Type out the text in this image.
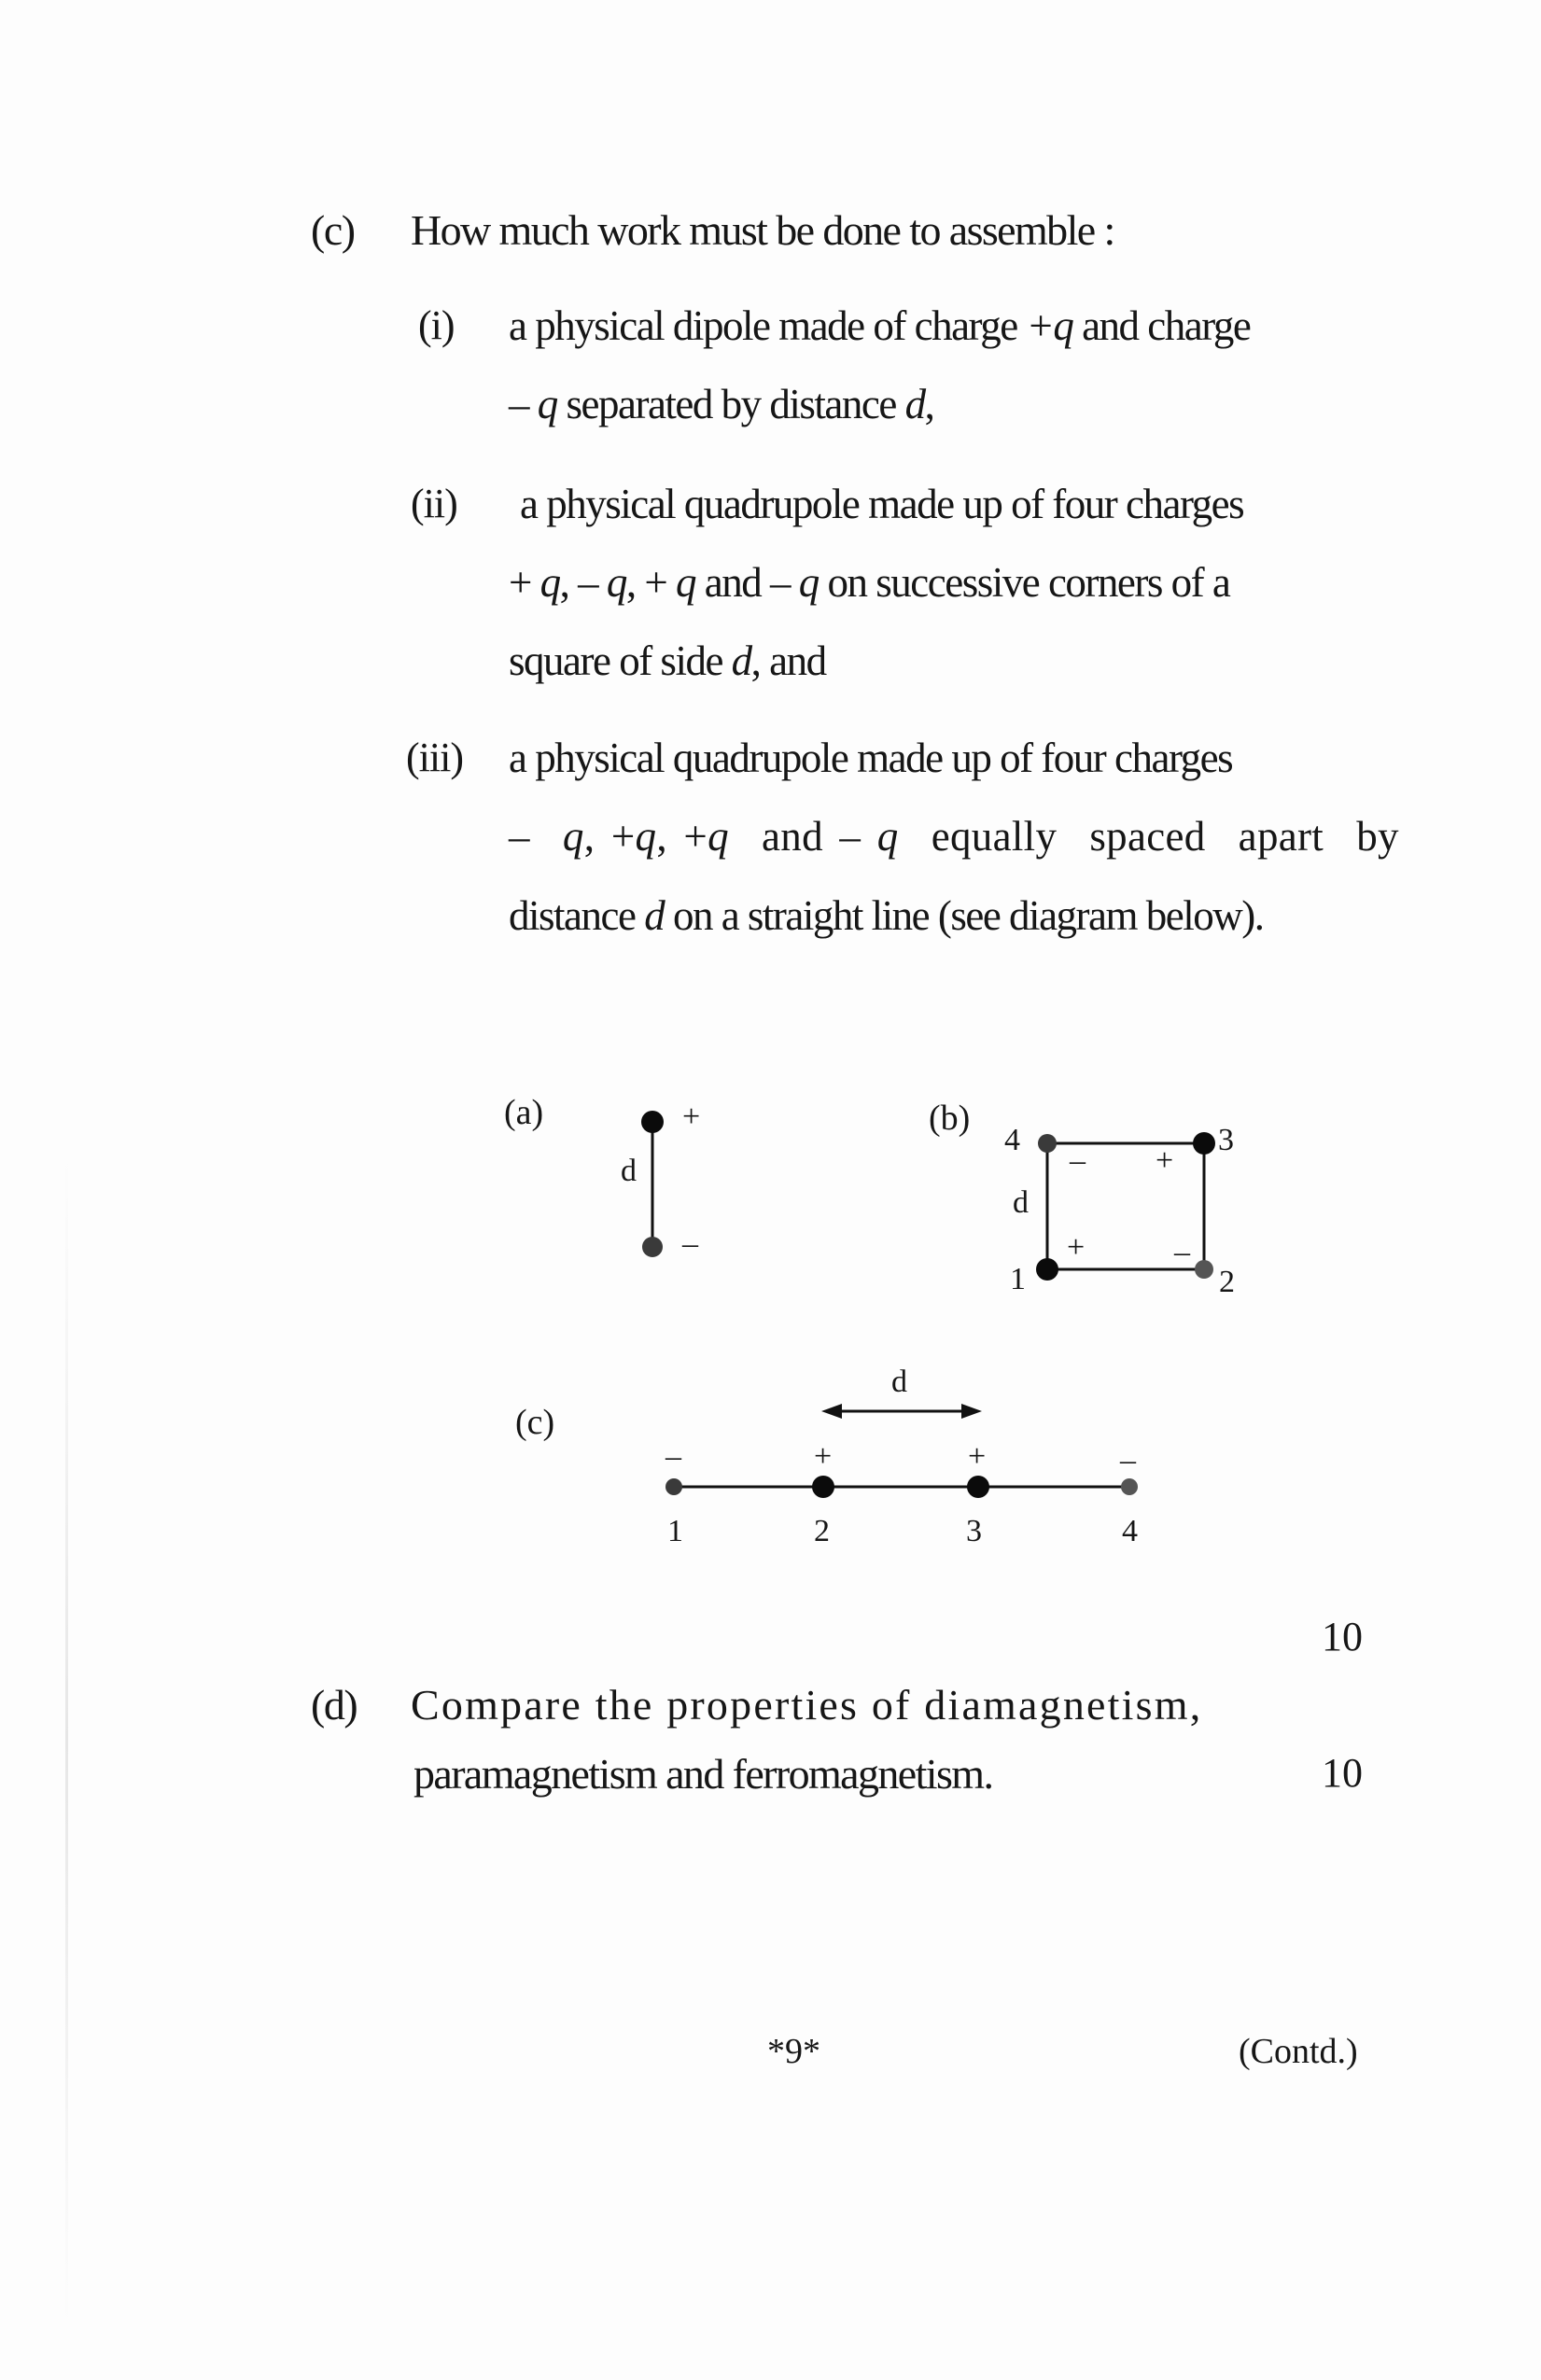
(c) How much work must be done to assemble :
(i) a physical dipole made of charge +q and charge
– q separated by distance d,
(ii) a physical quadrupole made up of four charges
+ q, – q, + q and – q on successive corners of a
square of side d, and
(iii) a physical quadrupole made up of four charges
–  q, +q, +q  and – q  equally  spaced  apart  by
distance d on a straight line (see diagram below).
(a)	+
–
d
(b)
4	3
1	2
– +
+	–
d
(c)
d
–	+	+	–
1	2	3	4
10
(d) Compare the properties of diamagnetism,
paramagnetism and ferromagnetism.	10
*9*	(Contd.)
